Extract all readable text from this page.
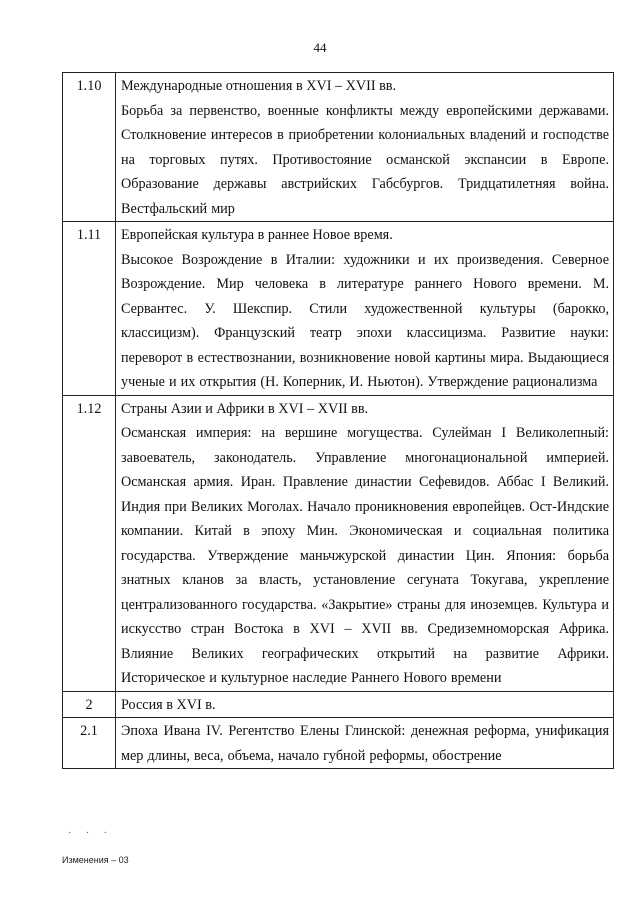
44
1.10	Международные отношения в XVI – XVII вв.
Борьба за первенство, военные конфликты между европейскими державами. Столкновение интересов в приобретении колониальных владений и господстве на торговых путях. Противостояние османской экспансии в Европе. Образование державы австрийских Габсбургов. Тридцатилетняя война. Вестфальский мир

1.11	Европейская культура в раннее Новое время.
Высокое Возрождение в Италии: художники и их произведения. Северное Возрождение. Мир человека в литературе раннего Нового времени. М. Сервантес. У. Шекспир. Стили художественной культуры (барокко, классицизм). Французский театр эпохи классицизма. Развитие науки: переворот в естествознании, возникновение новой картины мира. Выдающиеся ученые и их открытия (Н. Коперник, И. Ньютон). Утверждение рационализма

1.12	Страны Азии и Африки в XVI – XVII вв.
Османская империя: на вершине могущества. Сулейман I Великолепный: завоеватель, законодатель. Управление многонациональной империей. Османская армия. Иран. Правление династии Сефевидов. Аббас I Великий. Индия при Великих Моголах. Начало проникновения европейцев. Ост-Индские компании. Китай в эпоху Мин. Экономическая и социальная политика государства. Утверждение маньчжурской династии Цин. Япония: борьба знатных кланов за власть, установление сегуната Токугава, укрепление централизованного государства. «Закрытие» страны для иноземцев. Культура и искусство стран Востока в XVI – XVII вв. Средиземноморская Африка. Влияние Великих географических открытий на развитие Африки. Историческое и культурное наследие Раннего Нового времени

2	Россия в XVI в.

2.1	Эпоха Ивана IV. Регентство Елены Глинской: денежная реформа, унификация мер длины, веса, объема, начало губной реформы, обострение
· · ·
Изменения – 03
